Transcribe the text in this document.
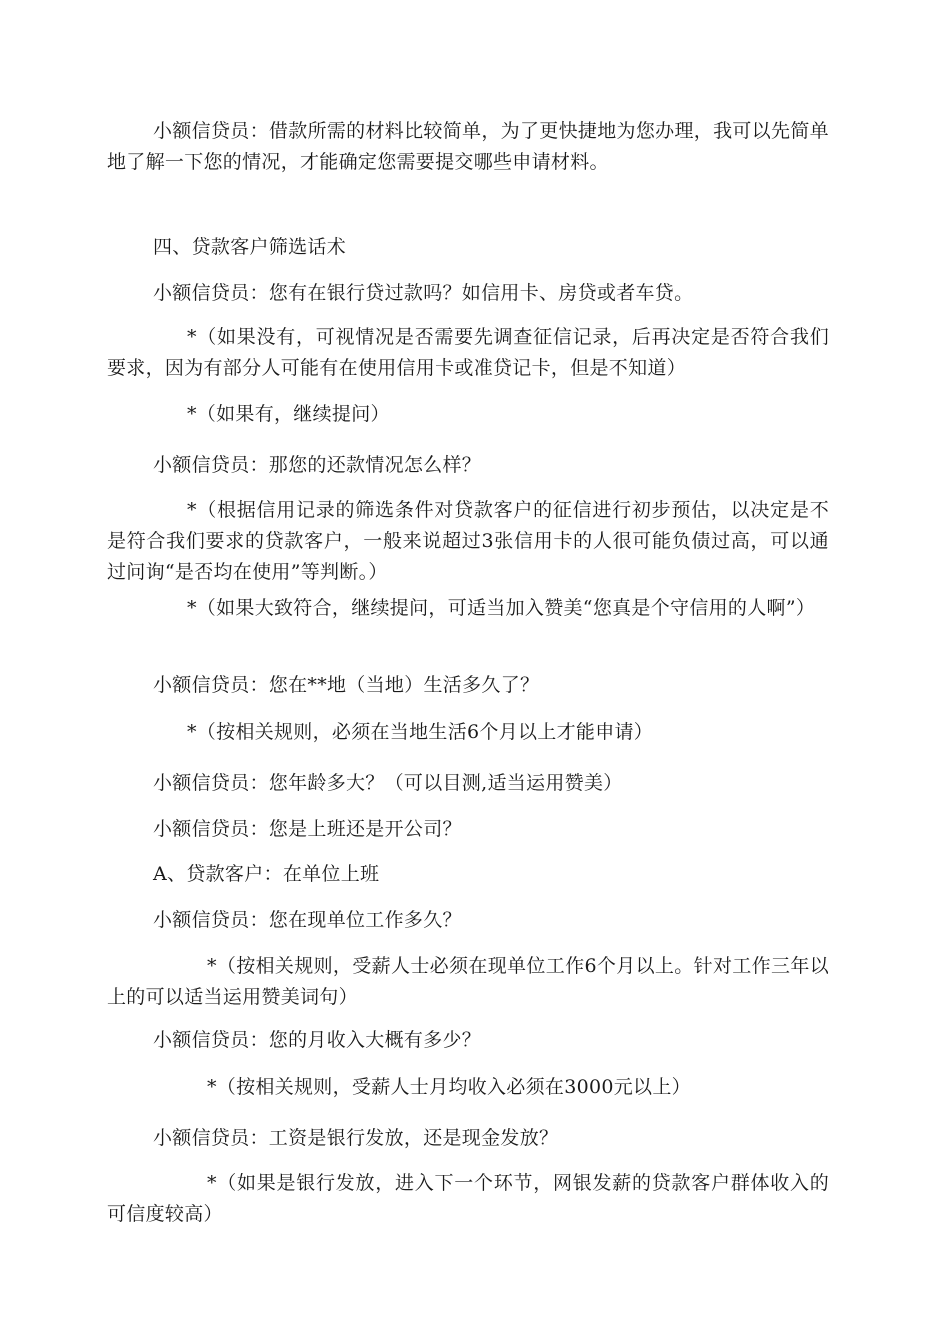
小额信贷员：借款所需的材料比较简单，为了更快捷地为您办理，我可以先简单地了解一下您的情况，才能确定您需要提交哪些申请材料。

四、贷款客户筛选话术

小额信贷员：您有在银行贷过款吗？如信用卡、房贷或者车贷。

*（如果没有，可视情况是否需要先调查征信记录，后再决定是否符合我们要求，因为有部分人可能有在使用信用卡或准贷记卡，但是不知道）

*（如果有，继续提问）

小额信贷员：那您的还款情况怎么样？

*（根据信用记录的筛选条件对贷款客户的征信进行初步预估，以决定是不是符合我们要求的贷款客户，一般来说超过3张信用卡的人很可能负债过高，可以通过问询“是否均在使用”等判断。）

*（如果大致符合，继续提问，可适当加入赞美“您真是个守信用的人啊”）

小额信贷员：您在**地（当地）生活多久了？

*（按相关规则，必须在当地生活6个月以上才能申请）

小额信贷员：您年龄多大？（可以目测,适当运用赞美）

小额信贷员：您是上班还是开公司？

A、贷款客户：在单位上班

小额信贷员：您在现单位工作多久？

*（按相关规则，受薪人士必须在现单位工作6个月以上。针对工作三年以上的可以适当运用赞美词句）

小额信贷员：您的月收入大概有多少？

*（按相关规则，受薪人士月均收入必须在3000元以上）

小额信贷员：工资是银行发放，还是现金发放？

*（如果是银行发放，进入下一个环节，网银发薪的贷款客户群体收入的可信度较高）
